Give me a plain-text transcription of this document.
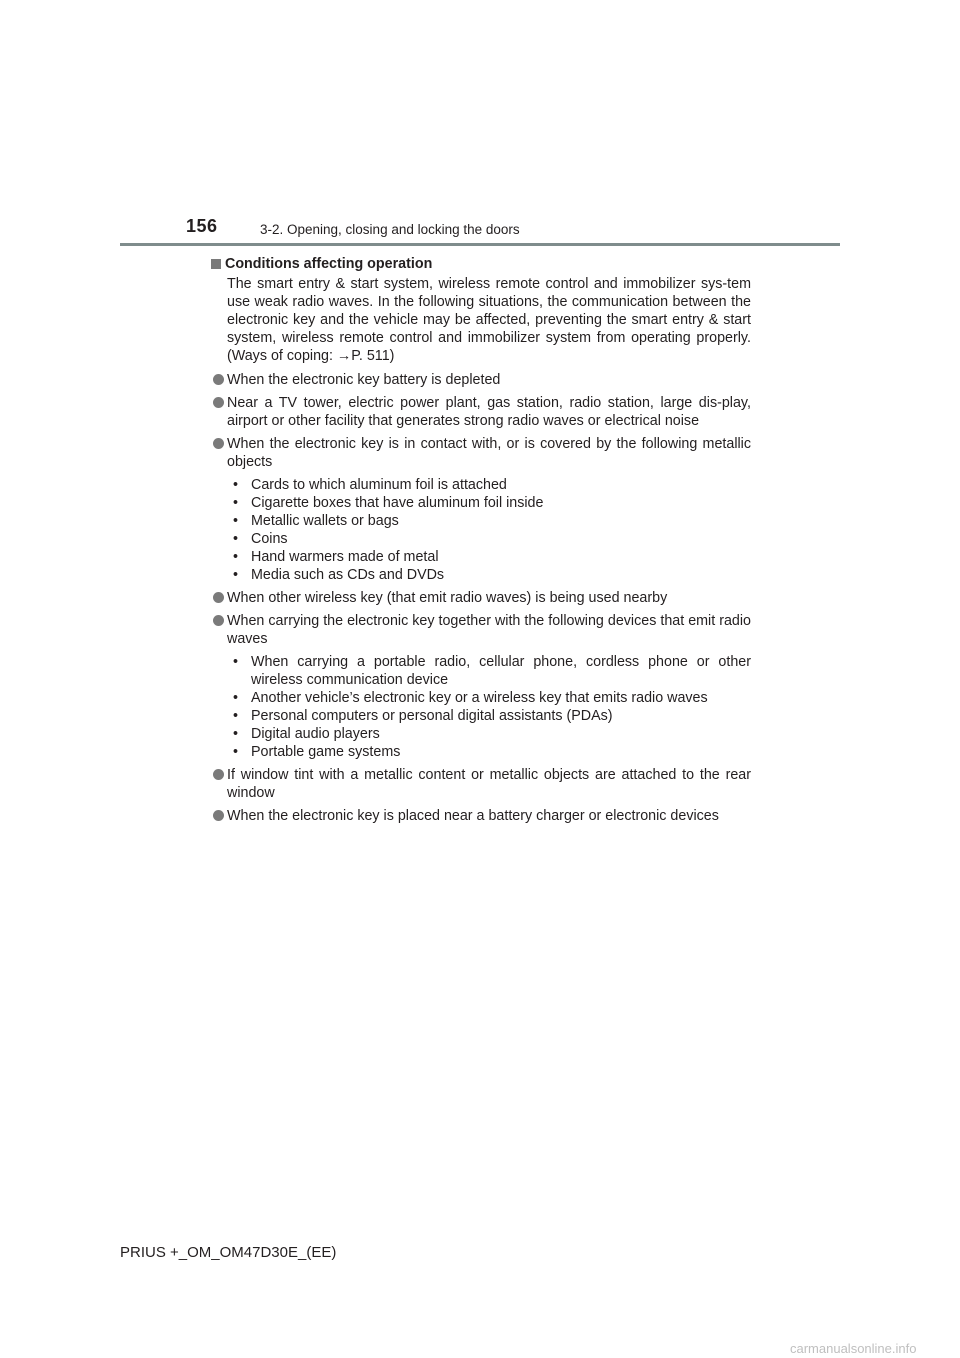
156	3-2. Opening, closing and locking the doors
Conditions affecting operation
The smart entry & start system, wireless remote control and immobilizer sys-tem use weak radio waves. In the following situations, the communication between the electronic key and the vehicle may be affected, preventing the smart entry & start system, wireless remote control and immobilizer system from operating properly. (Ways of coping: →P. 511)
When the electronic key battery is depleted
Near a TV tower, electric power plant, gas station, radio station, large dis-play, airport or other facility that generates strong radio waves or electrical noise
When the electronic key is in contact with, or is covered by the following metallic objects
• Cards to which aluminum foil is attached
• Cigarette boxes that have aluminum foil inside
• Metallic wallets or bags
• Coins
• Hand warmers made of metal
• Media such as CDs and DVDs
When other wireless key (that emit radio waves) is being used nearby
When carrying the electronic key together with the following devices that emit radio waves
• When carrying a portable radio, cellular phone, cordless phone or other wireless communication device
• Another vehicle’s electronic key or a wireless key that emits radio waves
• Personal computers or personal digital assistants (PDAs)
• Digital audio players
• Portable game systems
If window tint with a metallic content or metallic objects are attached to the rear window
When the electronic key is placed near a battery charger or electronic devices
PRIUS +_OM_OM47D30E_(EE)
carmanualsonline.info
